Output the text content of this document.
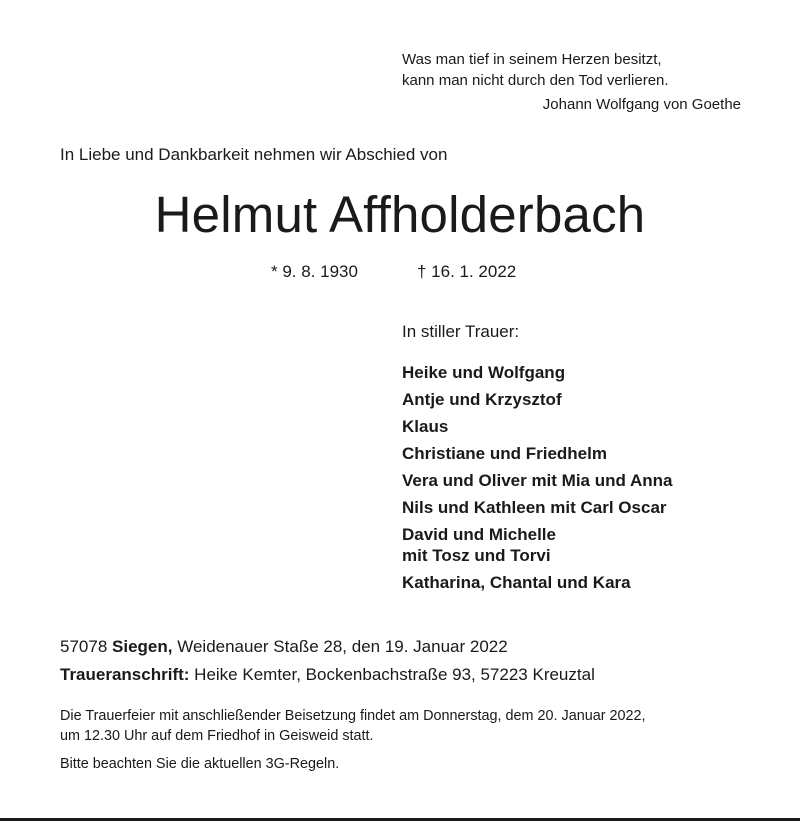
Was man tief in seinem Herzen besitzt,
kann man nicht durch den Tod verlieren.
Johann Wolfgang von Goethe
In Liebe und Dankbarkeit nehmen wir Abschied von
Helmut Affholderbach
* 9. 8. 1930	† 16. 1. 2022
In stiller Trauer:
Heike und Wolfgang
Antje und Krzysztof
Klaus
Christiane und Friedhelm
Vera und Oliver mit Mia und Anna
Nils und Kathleen mit Carl Oscar
David und Michelle
mit Tosz und Torvi
Katharina, Chantal und Kara
57078 Siegen, Weidenauer Staße 28, den 19. Januar 2022
Traueranschrift: Heike Kemter, Bockenbachstraße 93, 57223 Kreuztal
Die Trauerfeier mit anschließender Beisetzung findet am Donnerstag, dem 20. Januar 2022,
um 12.30 Uhr auf dem Friedhof in Geisweid statt.
Bitte beachten Sie die aktuellen 3G-Regeln.
